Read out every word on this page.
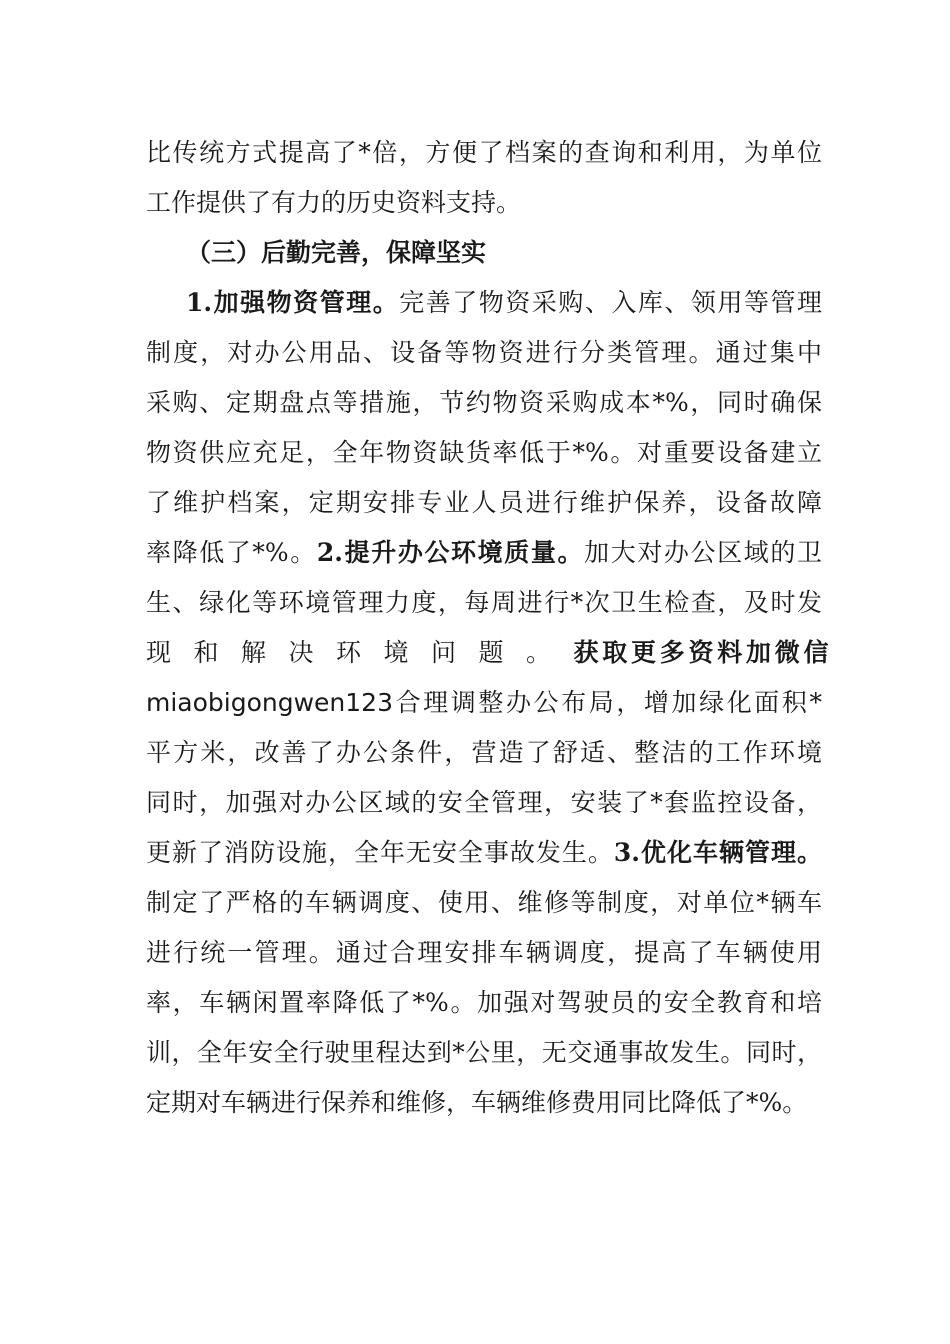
比传统方式提高了*倍，方便了档案的查询和利用，为单位
工作提供了有力的历史资料支持。
（三）后勤完善，保障坚实
1.加强物资管理。完善了物资采购、入库、领用等管理
制度，对办公用品、设备等物资进行分类管理。通过集中
采购、定期盘点等措施，节约物资采购成本*%，同时确保
物资供应充足，全年物资缺货率低于*%。对重要设备建立
了维护档案，定期安排专业人员进行维护保养，设备故障
率降低了*%。2.提升办公环境质量。加大对办公区域的卫
生、绿化等环境管理力度，每周进行*次卫生检查，及时发
现和解决环境问题。获取更多资料加微信
miaobigongwen123合理调整办公布局，增加绿化面积*
平方米，改善了办公条件，营造了舒适、整洁的工作环境
同时，加强对办公区域的安全管理，安装了*套监控设备，
更新了消防设施，全年无安全事故发生。3.优化车辆管理。
制定了严格的车辆调度、使用、维修等制度，对单位*辆车
进行统一管理。通过合理安排车辆调度，提高了车辆使用
率，车辆闲置率降低了*%。加强对驾驶员的安全教育和培
训，全年安全行驶里程达到*公里，无交通事故发生。同时，
定期对车辆进行保养和维修，车辆维修费用同比降低了*%。
